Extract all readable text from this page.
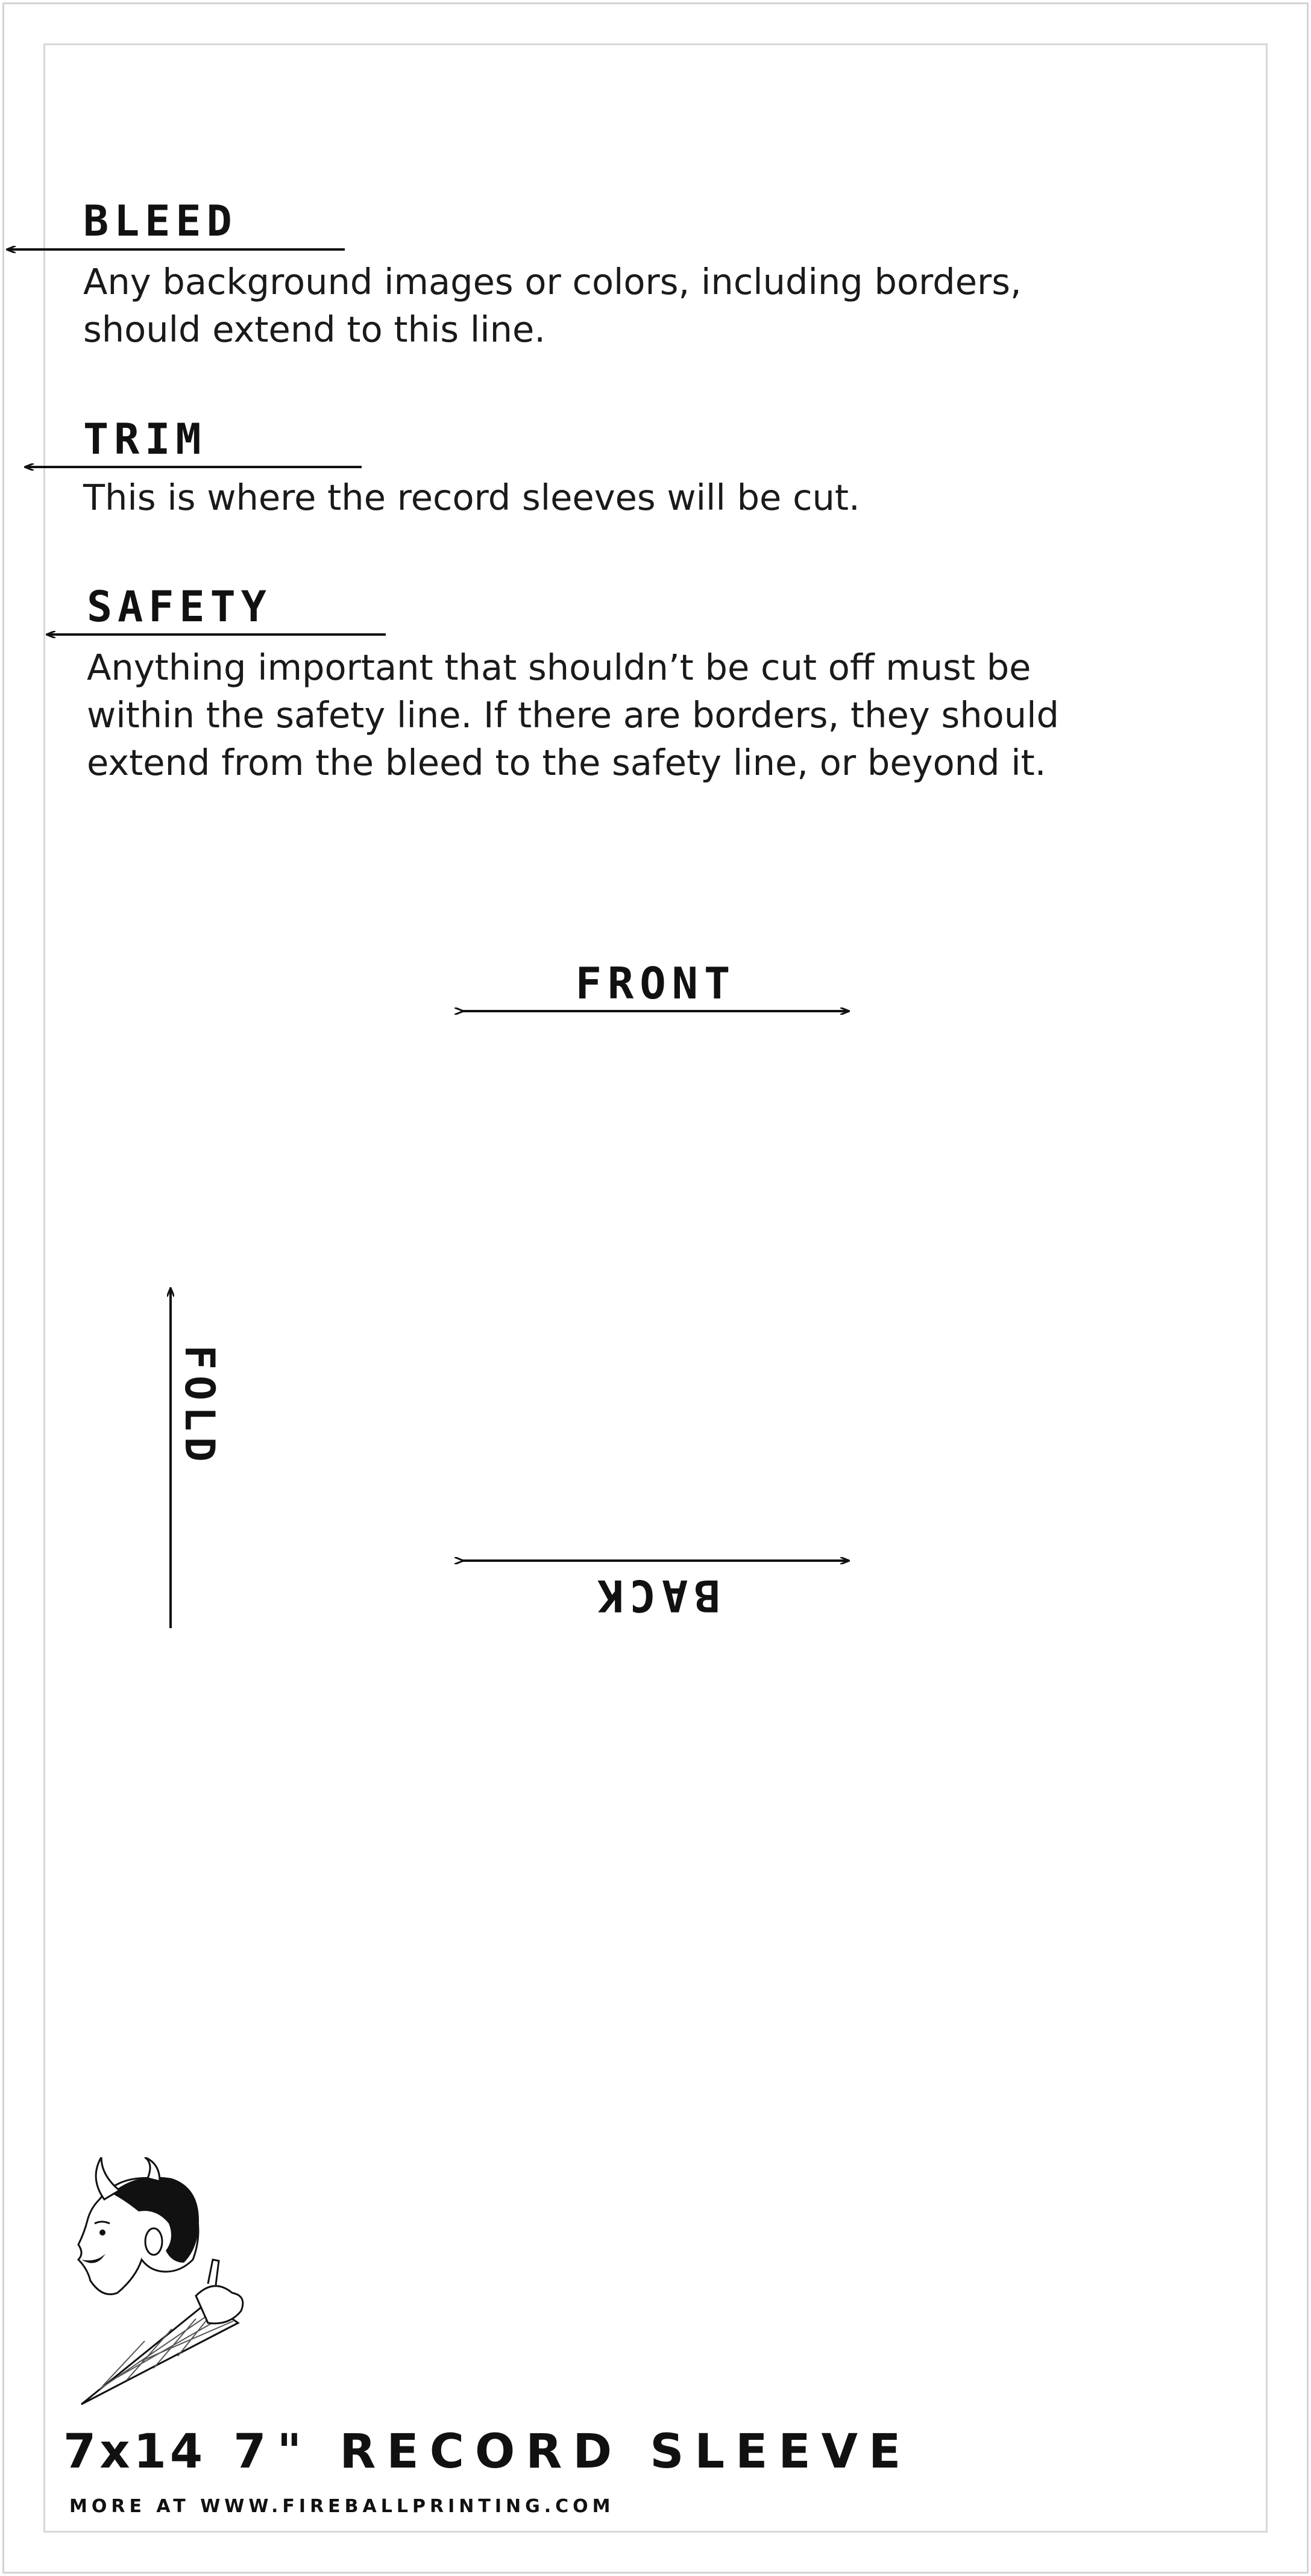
BLEED

Any background images or colors, including borders,
should extend to this line.

TRIM

This is where the record sleeves will be cut.

SAFETY

Anything important that shouldn’t be cut off must be
within the safety line. If there are borders, they should
extend from the bleed to the safety line, or beyond it.

FRONT
BACK
FOLD
7x14 7" RECORD SLEEVE

MORE AT WWW.FIREBALLPRINTING.COM
